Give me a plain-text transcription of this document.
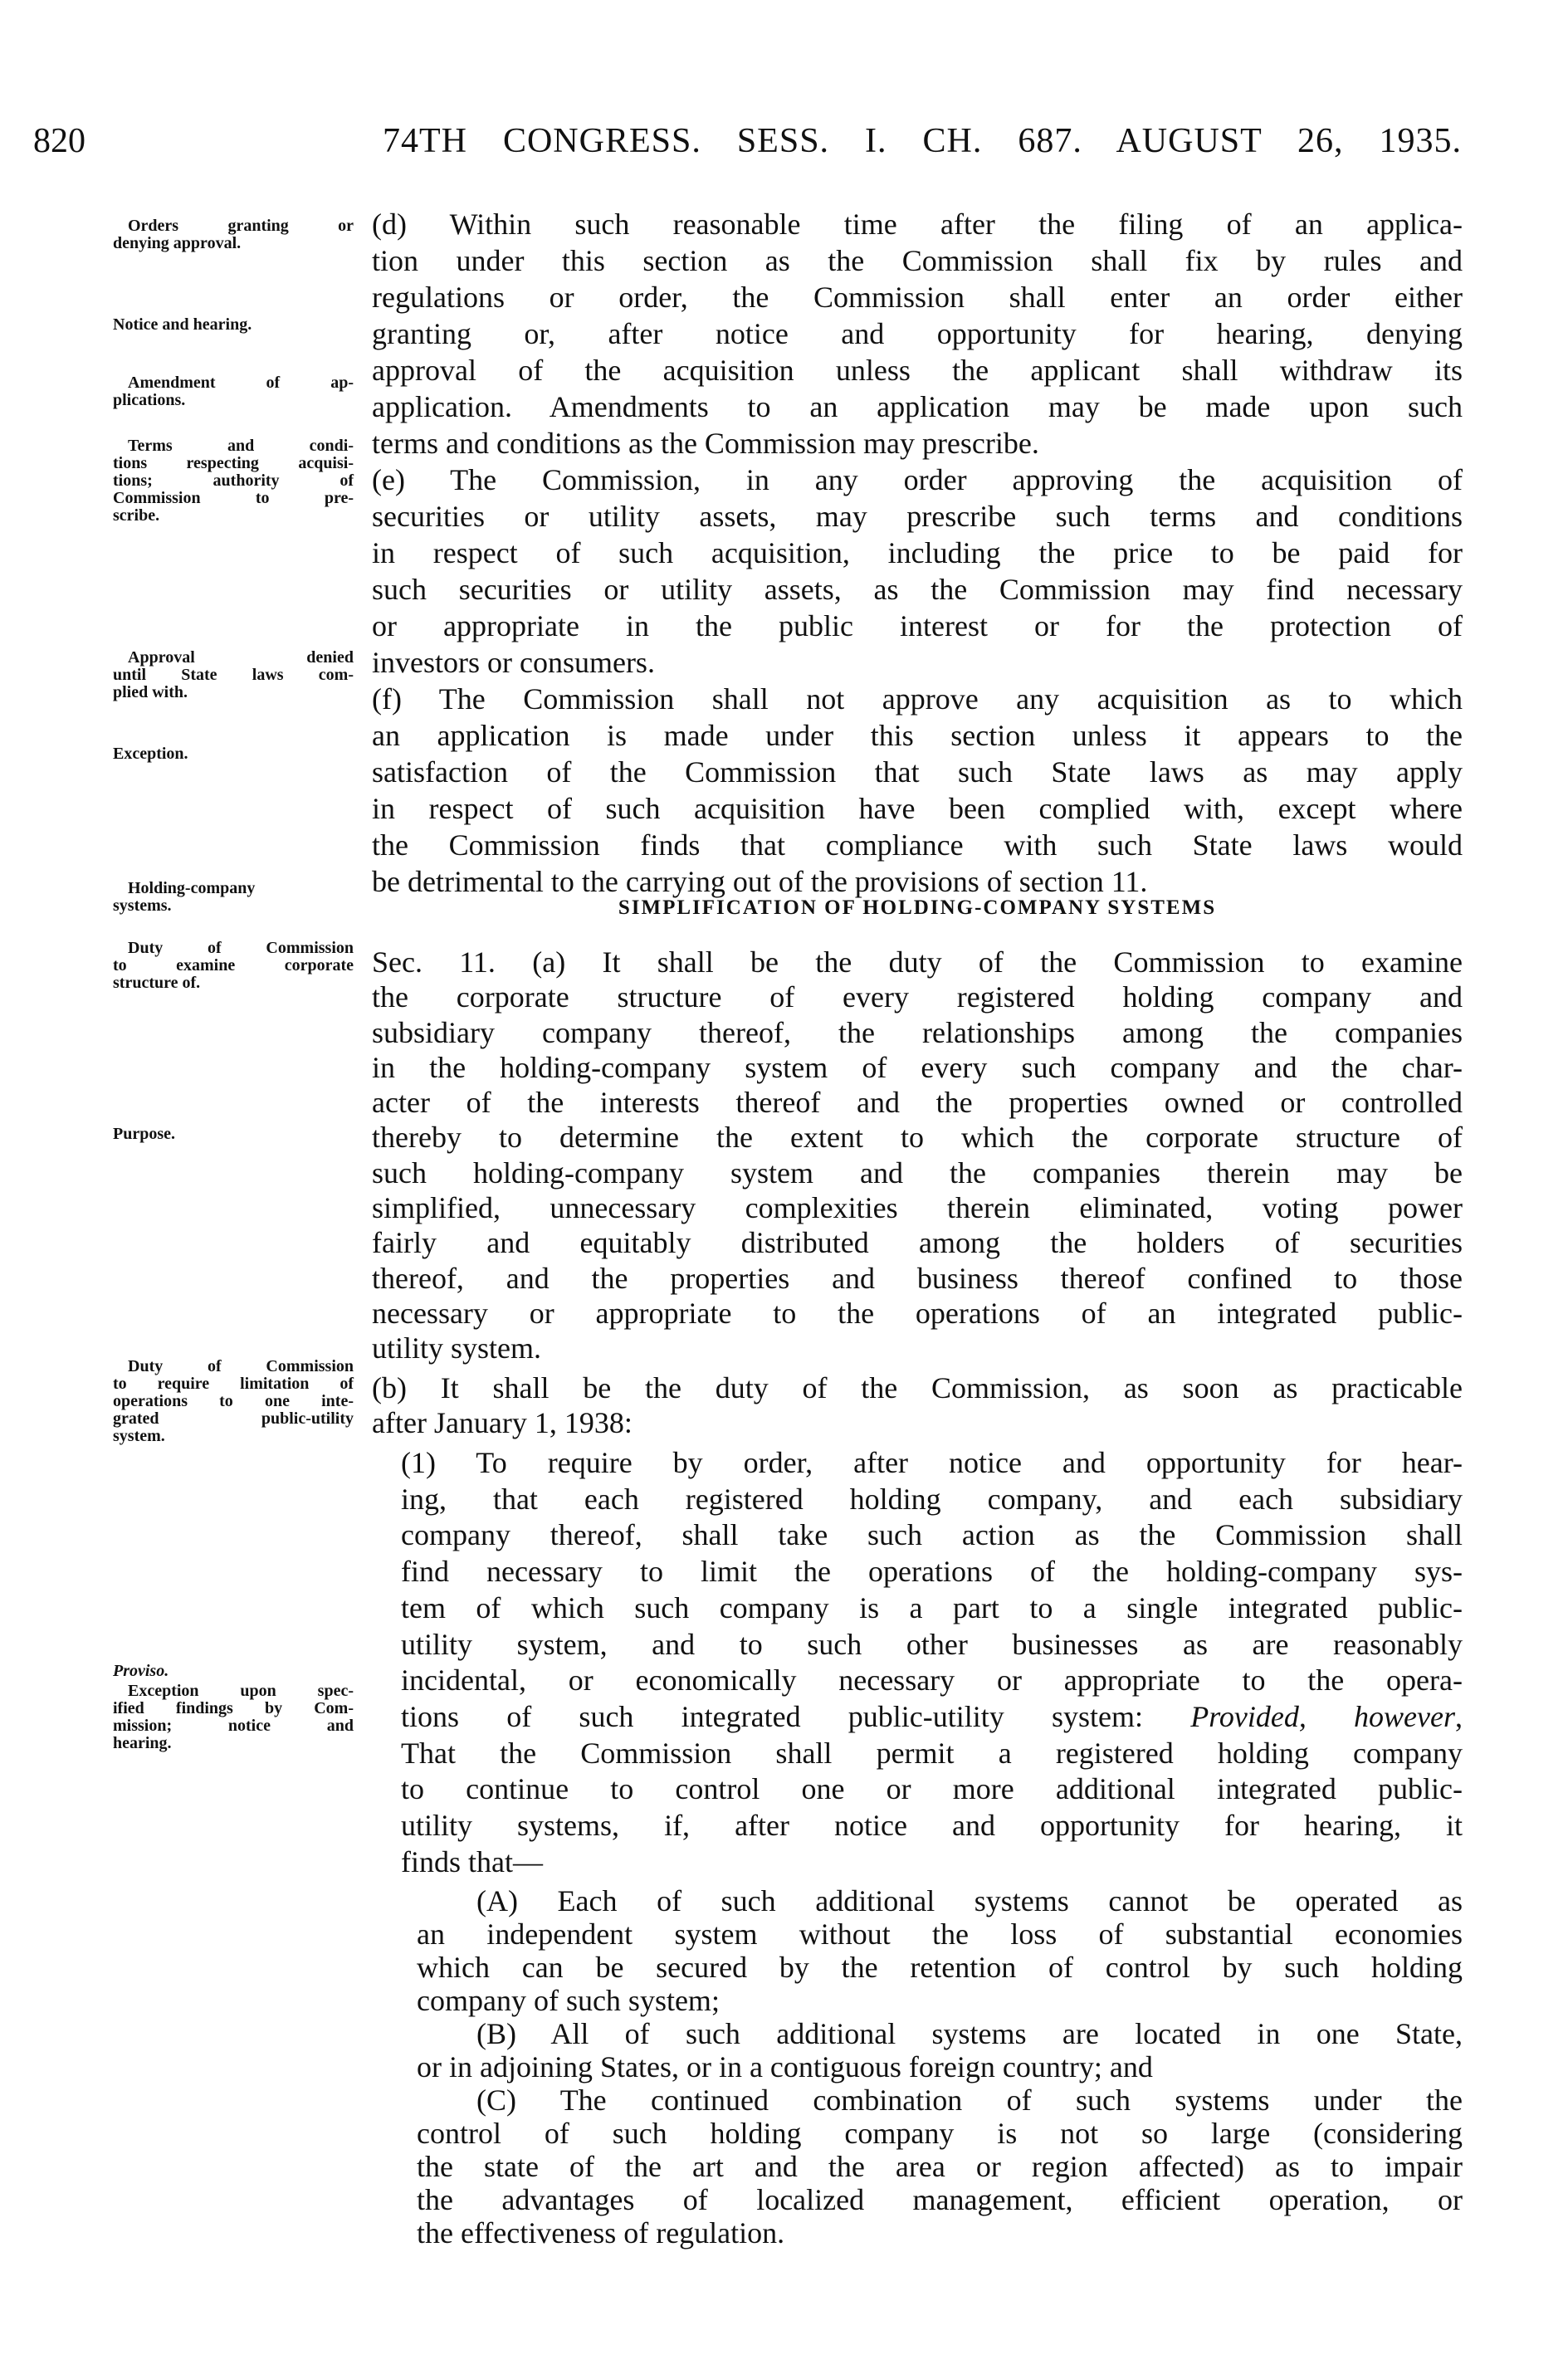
820	74TH CONGRESS. SESS. I. CH. 687. AUGUST 26, 1935.
SIMPLIFICATION OF HOLDING-COMPANY SYSTEMS
Orders granting or
denying approval.
Notice and hearing.
Amendment of ap-
plications.
Terms and condi-
tions respecting acquisi-
tions; authority of
Commission to pre-
scribe.
Approval denied
until State laws com-
plied with.
Exception.
Holding-company
systems.
Duty of Commission
to examine corporate
structure of.
Purpose.
Duty of Commission
to require limitation of
operations to one inte-
grated public-utility
system.
Proviso.
Exception upon spec-
ified findings by Com-
mission; notice and
hearing.
(d) Within such reasonable time after the filing of an applica-
tion under this section as the Commission shall fix by rules and
regulations or order, the Commission shall enter an order either
granting or, after notice and opportunity for hearing, denying
approval of the acquisition unless the applicant shall withdraw its
application. Amendments to an application may be made upon such
terms and conditions as the Commission may prescribe.
(e) The Commission, in any order approving the acquisition of
securities or utility assets, may prescribe such terms and conditions
in respect of such acquisition, including the price to be paid for
such securities or utility assets, as the Commission may find necessary
or appropriate in the public interest or for the protection of
investors or consumers.
(f) The Commission shall not approve any acquisition as to which
an application is made under this section unless it appears to the
satisfaction of the Commission that such State laws as may apply
in respect of such acquisition have been complied with, except where
the Commission finds that compliance with such State laws would
be detrimental to the carrying out of the provisions of section 11.
Sec. 11. (a) It shall be the duty of the Commission to examine
the corporate structure of every registered holding company and
subsidiary company thereof, the relationships among the companies
in the holding-company system of every such company and the char-
acter of the interests thereof and the properties owned or controlled
thereby to determine the extent to which the corporate structure of
such holding-company system and the companies therein may be
simplified, unnecessary complexities therein eliminated, voting power
fairly and equitably distributed among the holders of securities
thereof, and the properties and business thereof confined to those
necessary or appropriate to the operations of an integrated public-
utility system.
(b) It shall be the duty of the Commission, as soon as practicable
after January 1, 1938:
(1) To require by order, after notice and opportunity for hear-
ing, that each registered holding company, and each subsidiary
company thereof, shall take such action as the Commission shall
find necessary to limit the operations of the holding-company sys-
tem of which such company is a part to a single integrated public-
utility system, and to such other businesses as are reasonably
incidental, or economically necessary or appropriate to the opera-
tions of such integrated public-utility system: Provided, however,
That the Commission shall permit a registered holding company
to continue to control one or more additional integrated public-
utility systems, if, after notice and opportunity for hearing, it
finds that—
(A) Each of such additional systems cannot be operated as
an independent system without the loss of substantial economies
which can be secured by the retention of control by such holding
company of such system;
(B) All of such additional systems are located in one State,
or in adjoining States, or in a contiguous foreign country; and
(C) The continued combination of such systems under the
control of such holding company is not so large (considering
the state of the art and the area or region affected) as to impair
the advantages of localized management, efficient operation, or
the effectiveness of regulation.
